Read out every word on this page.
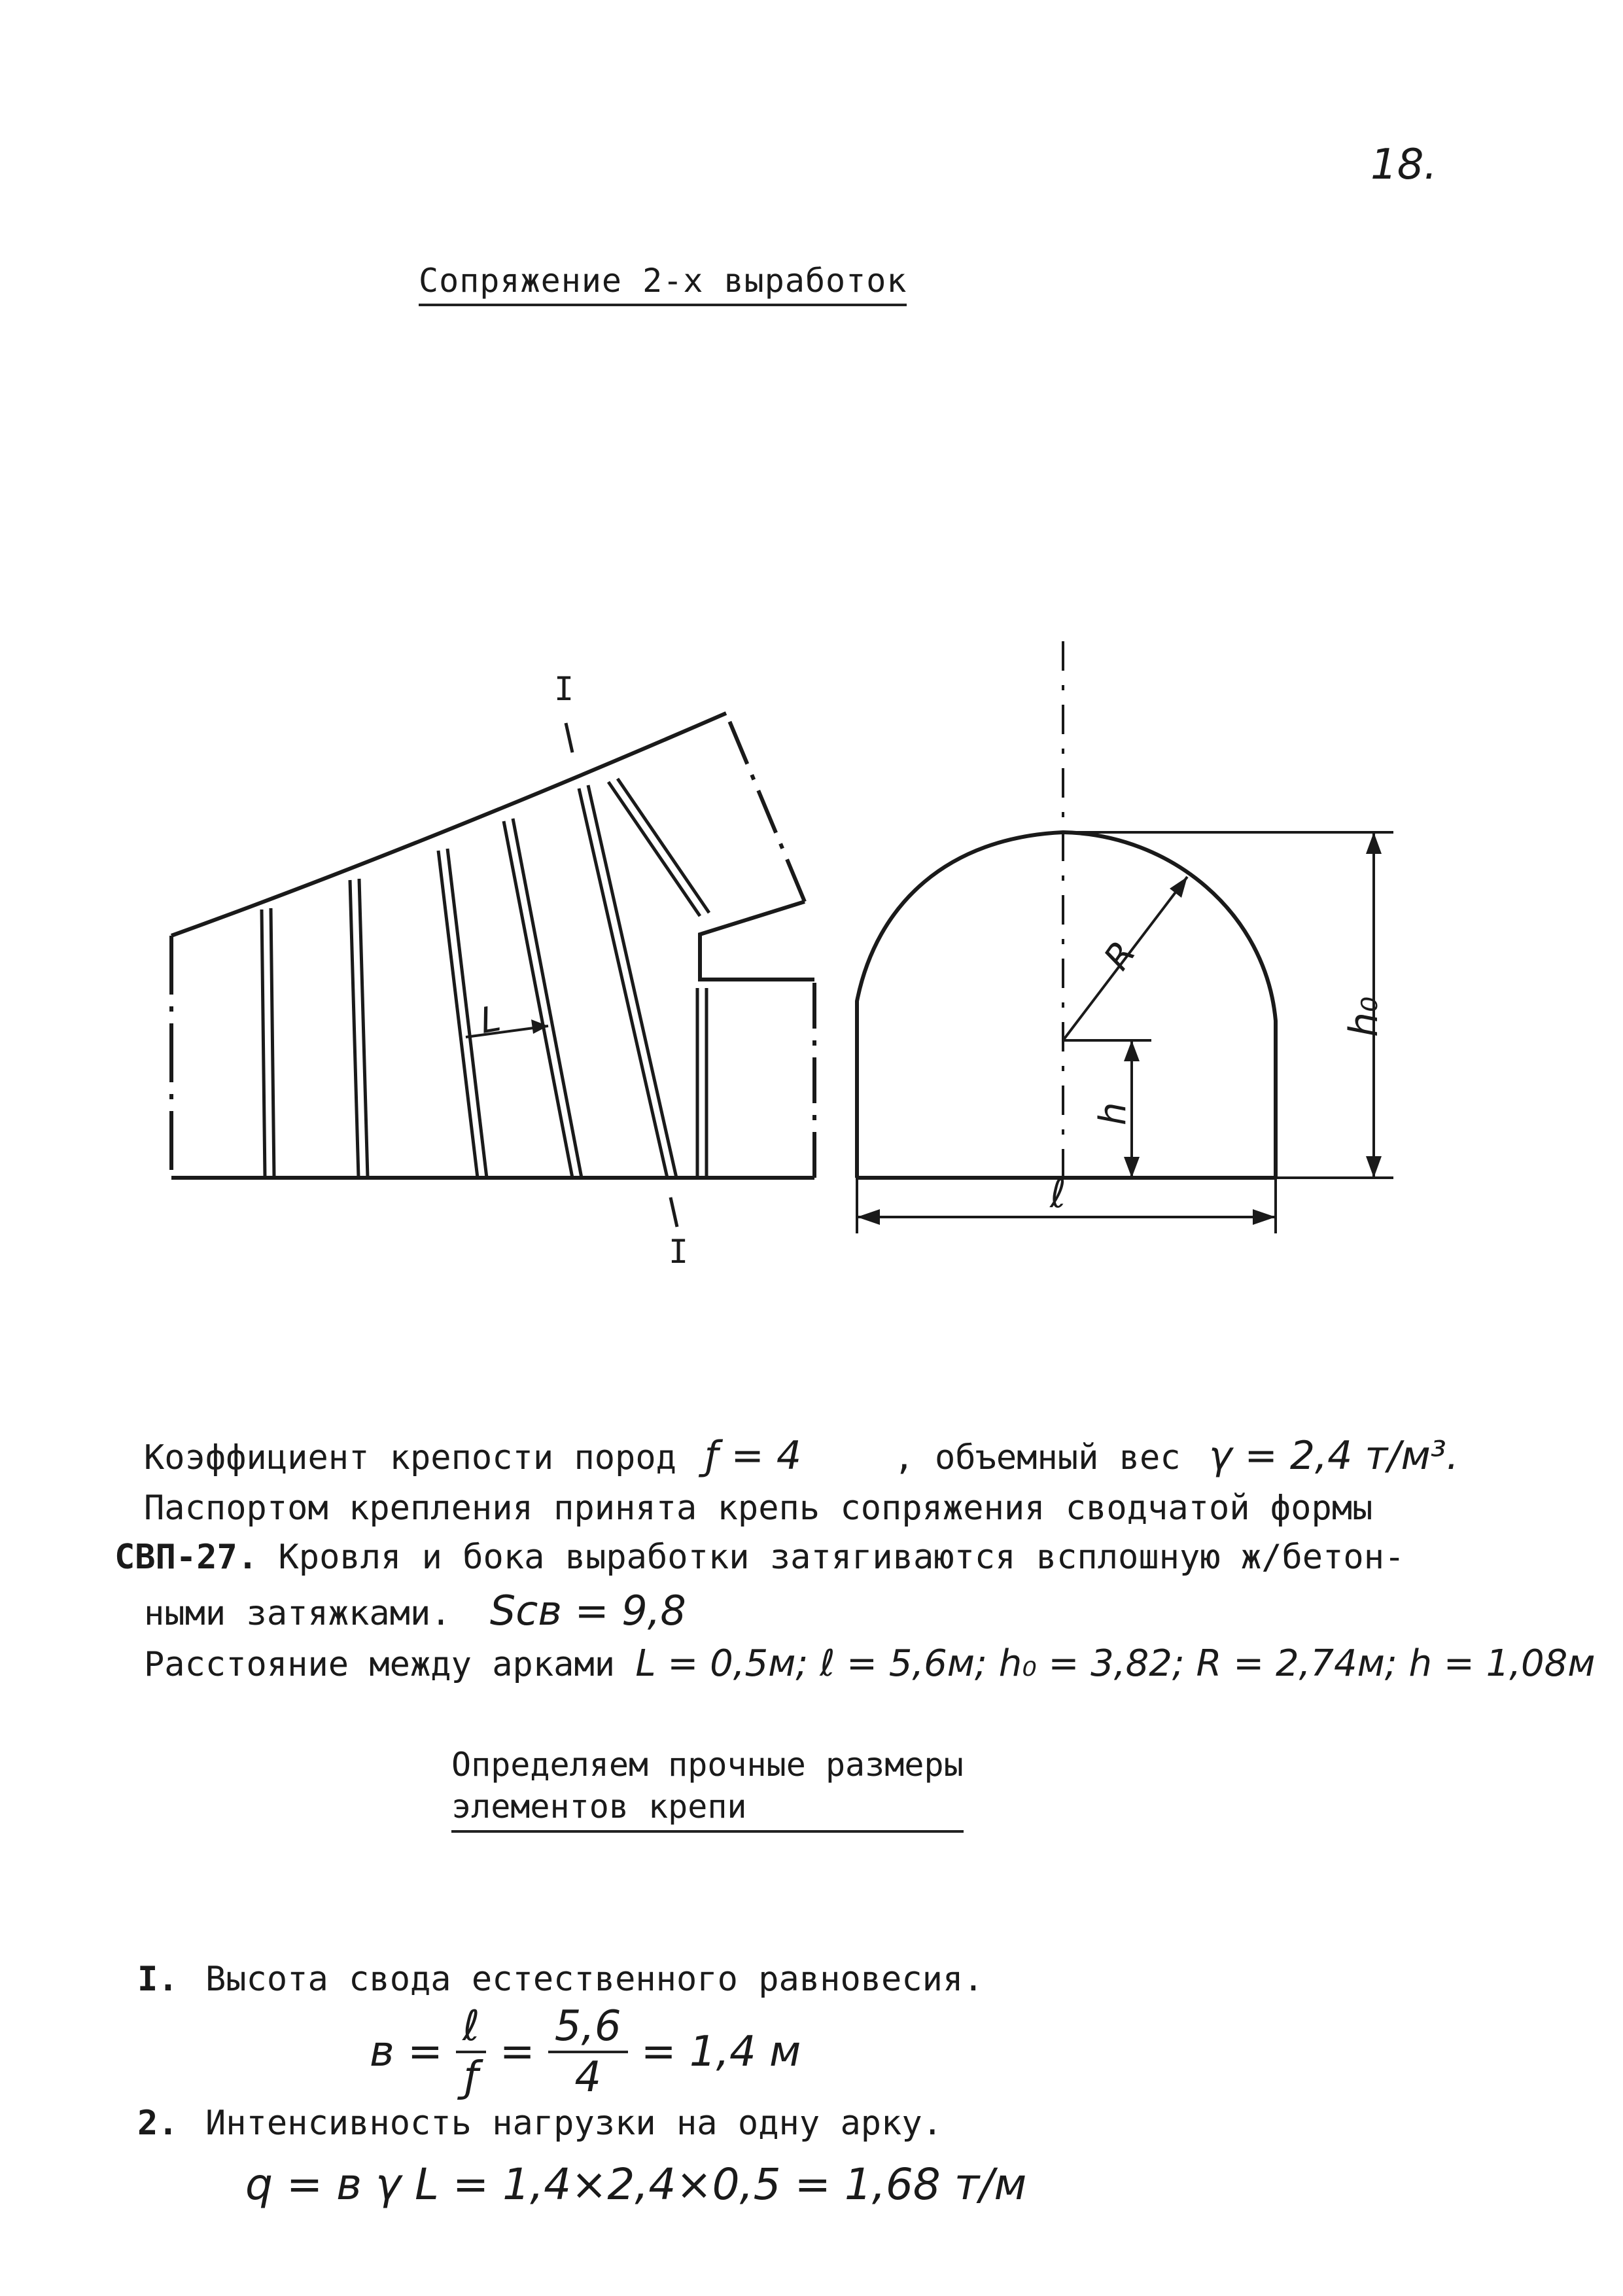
18.
Сопряжение 2-х выработок
I
I
L
R
h₀
h
ℓ
Коэффициент крепости пород ƒ = 4	, объемный вес γ = 2,4 т/м³.
Паспортом крепления принята крепь сопряжения сводчатой формы
СВП-27. Кровля и бока выработки затягиваются всплошную ж/бетон-
ными затяжками. Sсв = 9,8
Расстояние между арками L = 0,5м; ℓ = 5,6м; h₀ = 3,82; R = 2,74м; h = 1,08м
Определяем прочные размеры
элементов крепи
I. Высота свода естественного равновесия.
$в = \frac{\text{ℓ}}{ƒ} = \frac{5,6}{4} = 1,4$ м
2. Интенсивность нагрузки на одну арку.
q = в γ L = 1,4×2,4×0,5 = 1,68 т/м
